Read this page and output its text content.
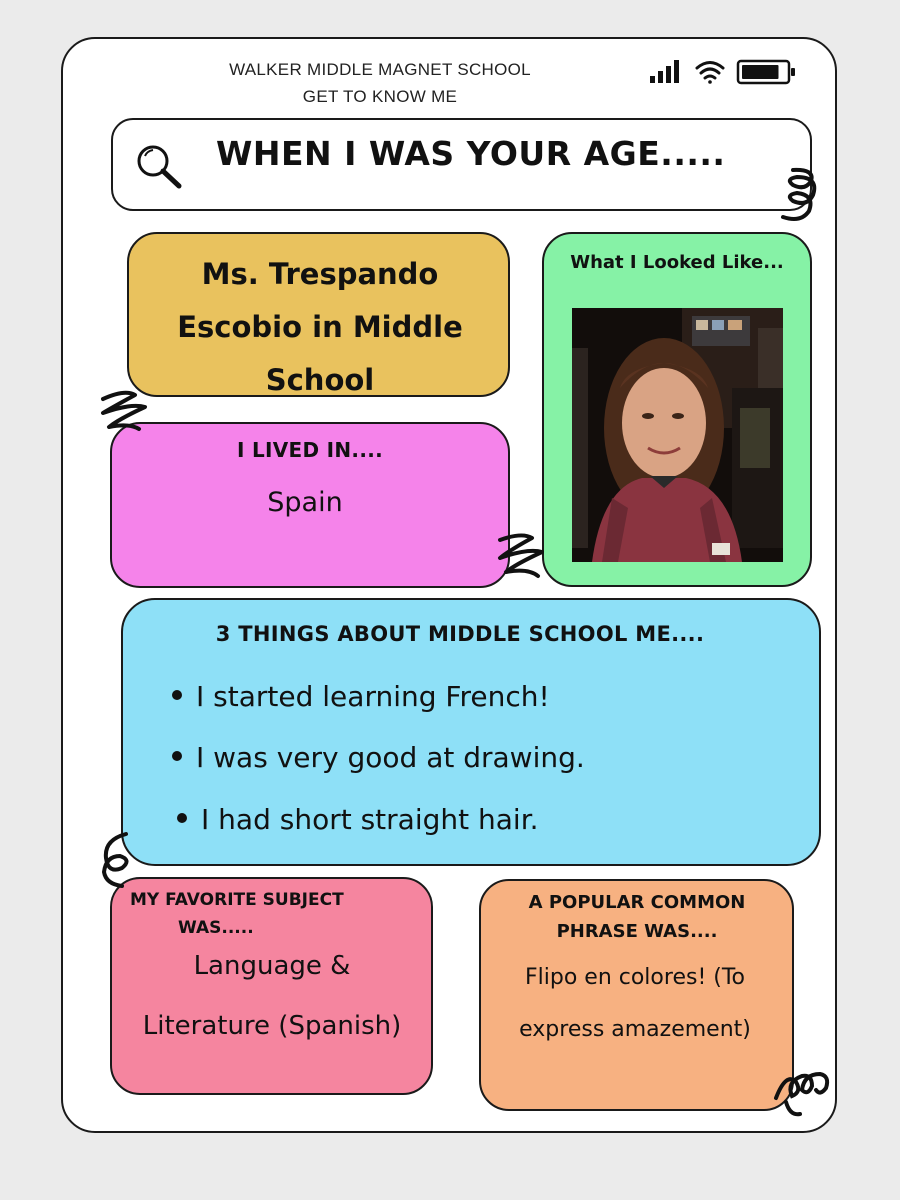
WALKER MIDDLE MAGNET SCHOOL
GET TO KNOW ME
WHEN I WAS YOUR AGE.....
Ms. Trespando
Escobio in Middle
School
What I Looked Like...
I LIVED IN....
Spain
3 THINGS ABOUT MIDDLE SCHOOL ME....
I started learning French!
I was very good at drawing.
I had short straight hair.
MY FAVORITE SUBJECT
WAS.....
Language &
Literature (Spanish)
A POPULAR COMMON
PHRASE WAS....
Flipo en colores! (To
express amazement)
